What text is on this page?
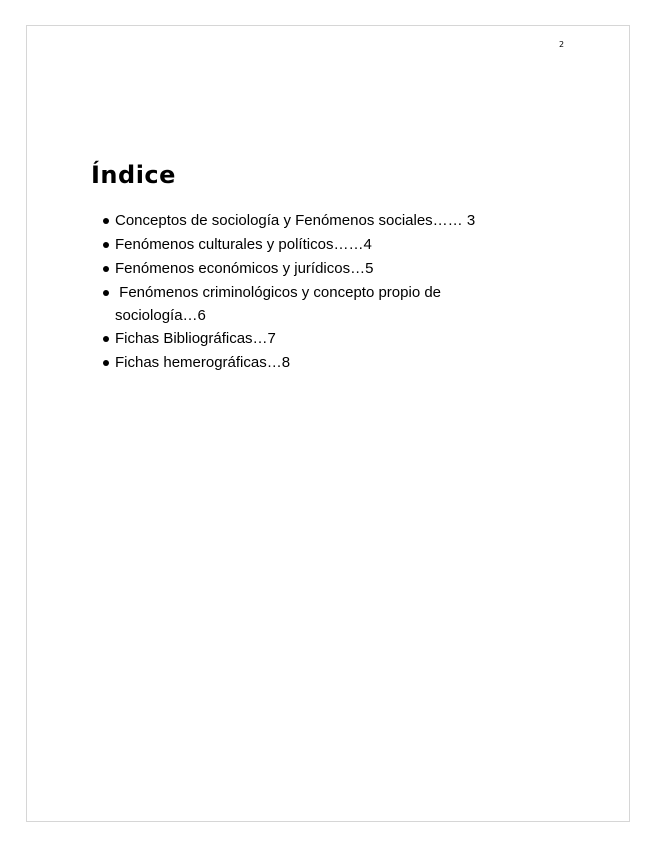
2
Índice
Conceptos de sociología y Fenómenos sociales…… 3
Fenómenos culturales y políticos……4
Fenómenos económicos y jurídicos…5
Fenómenos criminológicos y concepto propio de sociología…6
Fichas Bibliográficas…7
Fichas hemerográficas…8
